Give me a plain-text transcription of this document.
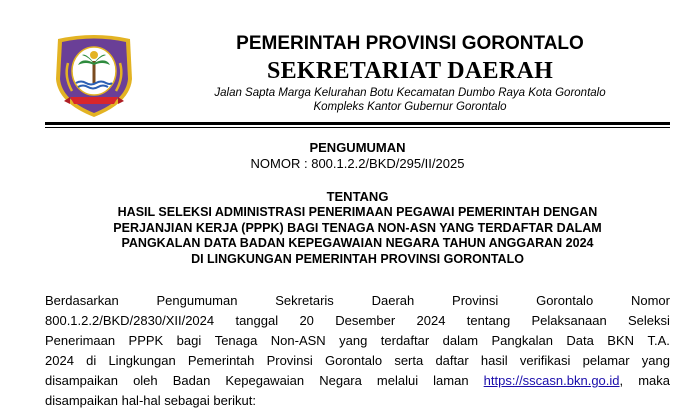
PEMERINTAH PROVINSI GORONTALO
SEKRETARIAT DAERAH
Jalan Sapta Marga Kelurahan Botu Kecamatan Dumbo Raya Kota Gorontalo
Kompleks Kantor Gubernur Gorontalo
PENGUMUMAN
NOMOR : 800.1.2.2/BKD/295/II/2025
TENTANG
HASIL SELEKSI ADMINISTRASI PENERIMAAN PEGAWAI PEMERINTAH DENGAN
PERJANJIAN KERJA (PPPK) BAGI TENAGA NON-ASN YANG TERDAFTAR DALAM
PANGKALAN DATA BADAN KEPEGAWAIAN NEGARA TAHUN ANGGARAN 2024
DI LINGKUNGAN PEMERINTAH PROVINSI GORONTALO
Berdasarkan	Pengumuman	Sekretaris	Daerah	Provinsi	Gorontalo	Nomor
800.1.2.2/BKD/2830/XII/2024 tanggal 20 Desember 2024 tentang Pelaksanaan Seleksi
Penerimaan PPPK bagi Tenaga Non-ASN yang terdaftar dalam Pangkalan Data BKN T.A.
2024 di Lingkungan Pemerintah Provinsi Gorontalo serta daftar hasil verifikasi pelamar yang
disampaikan oleh Badan Kepegawaian Negara melalui laman https://sscasn.bkn.go.id, maka
disampaikan hal-hal sebagai berikut:
